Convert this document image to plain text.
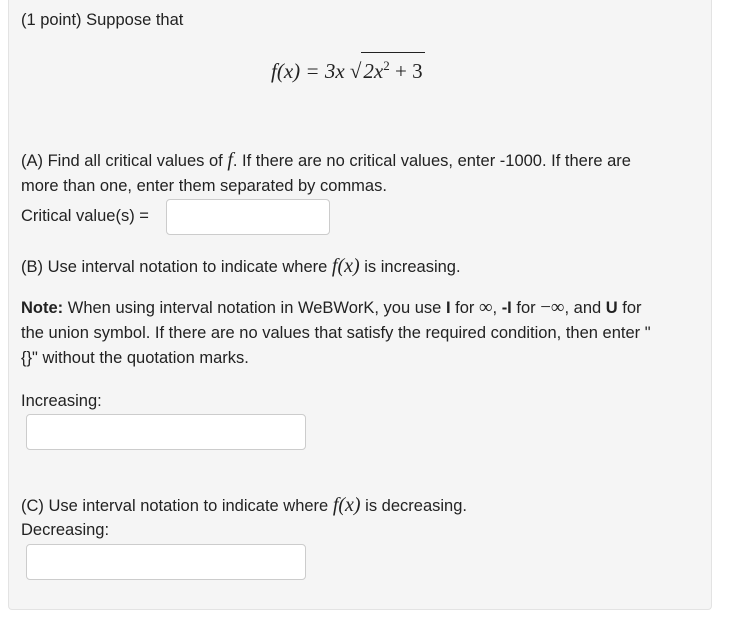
(1 point) Suppose that
f(x) = 3x $√2x^2 + 3$
(A) Find all critical values of f. If there are no critical values, enter -1000. If there are
more than one, enter them separated by commas.
Critical value(s) =
(B) Use interval notation to indicate where f(x) is increasing.
Note: When using interval notation in WeBWorK, you use I for ∞, -I for −∞, and U for
the union symbol. If there are no values that satisfy the required condition, then enter "
{}" without the quotation marks.
Increasing:
(C) Use interval notation to indicate where f(x) is decreasing.
Decreasing:
